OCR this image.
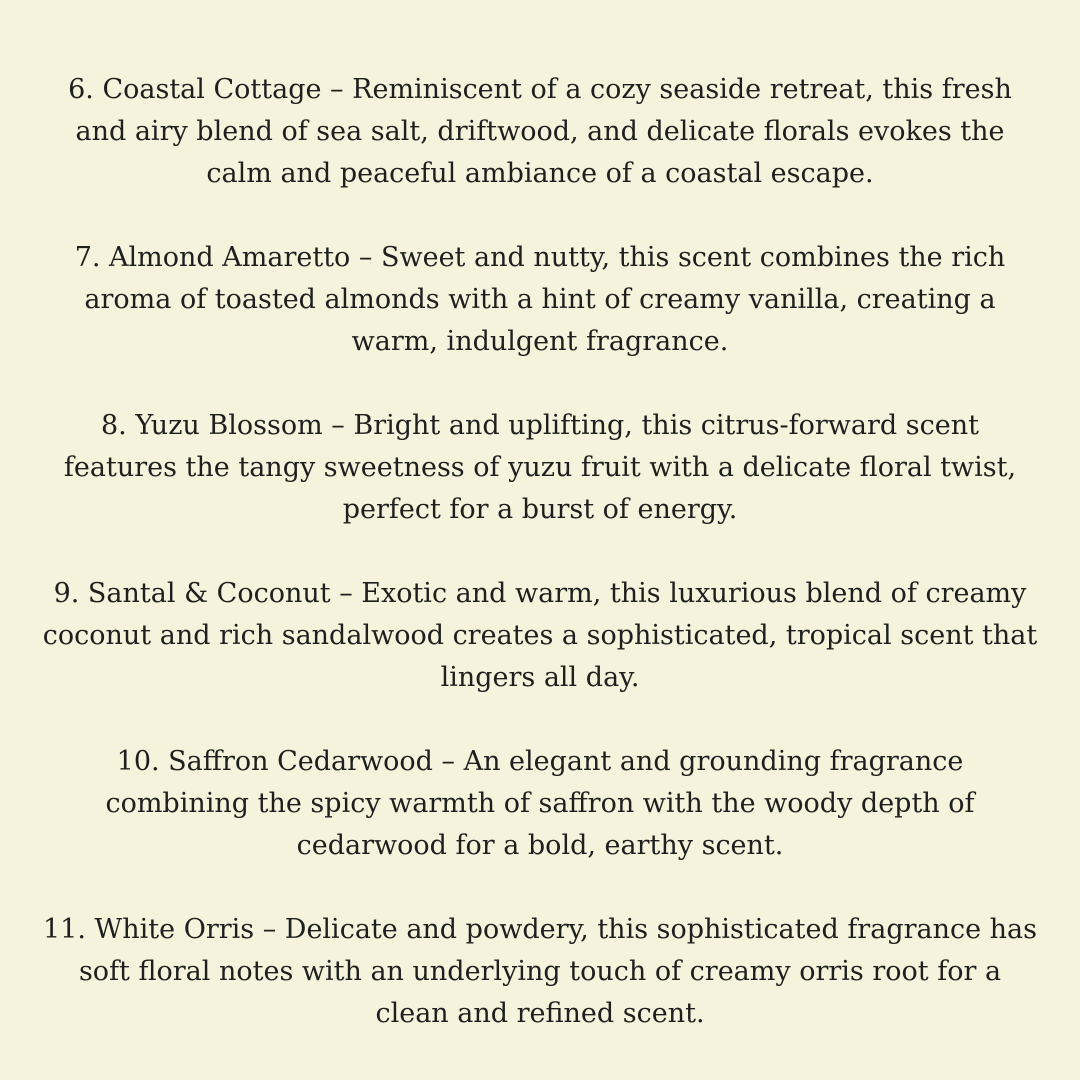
6. Coastal Cottage – Reminiscent of a cozy seaside retreat, this fresh
and airy blend of sea salt, driftwood, and delicate florals evokes the
calm and peaceful ambiance of a coastal escape.
7. Almond Amaretto – Sweet and nutty, this scent combines the rich
aroma of toasted almonds with a hint of creamy vanilla, creating a
warm, indulgent fragrance.
8. Yuzu Blossom – Bright and uplifting, this citrus-forward scent
features the tangy sweetness of yuzu fruit with a delicate floral twist,
perfect for a burst of energy.
9. Santal & Coconut – Exotic and warm, this luxurious blend of creamy
coconut and rich sandalwood creates a sophisticated, tropical scent that
lingers all day.
10. Saffron Cedarwood – An elegant and grounding fragrance
combining the spicy warmth of saffron with the woody depth of
cedarwood for a bold, earthy scent.
11. White Orris – Delicate and powdery, this sophisticated fragrance has
soft floral notes with an underlying touch of creamy orris root for a
clean and refined scent.
